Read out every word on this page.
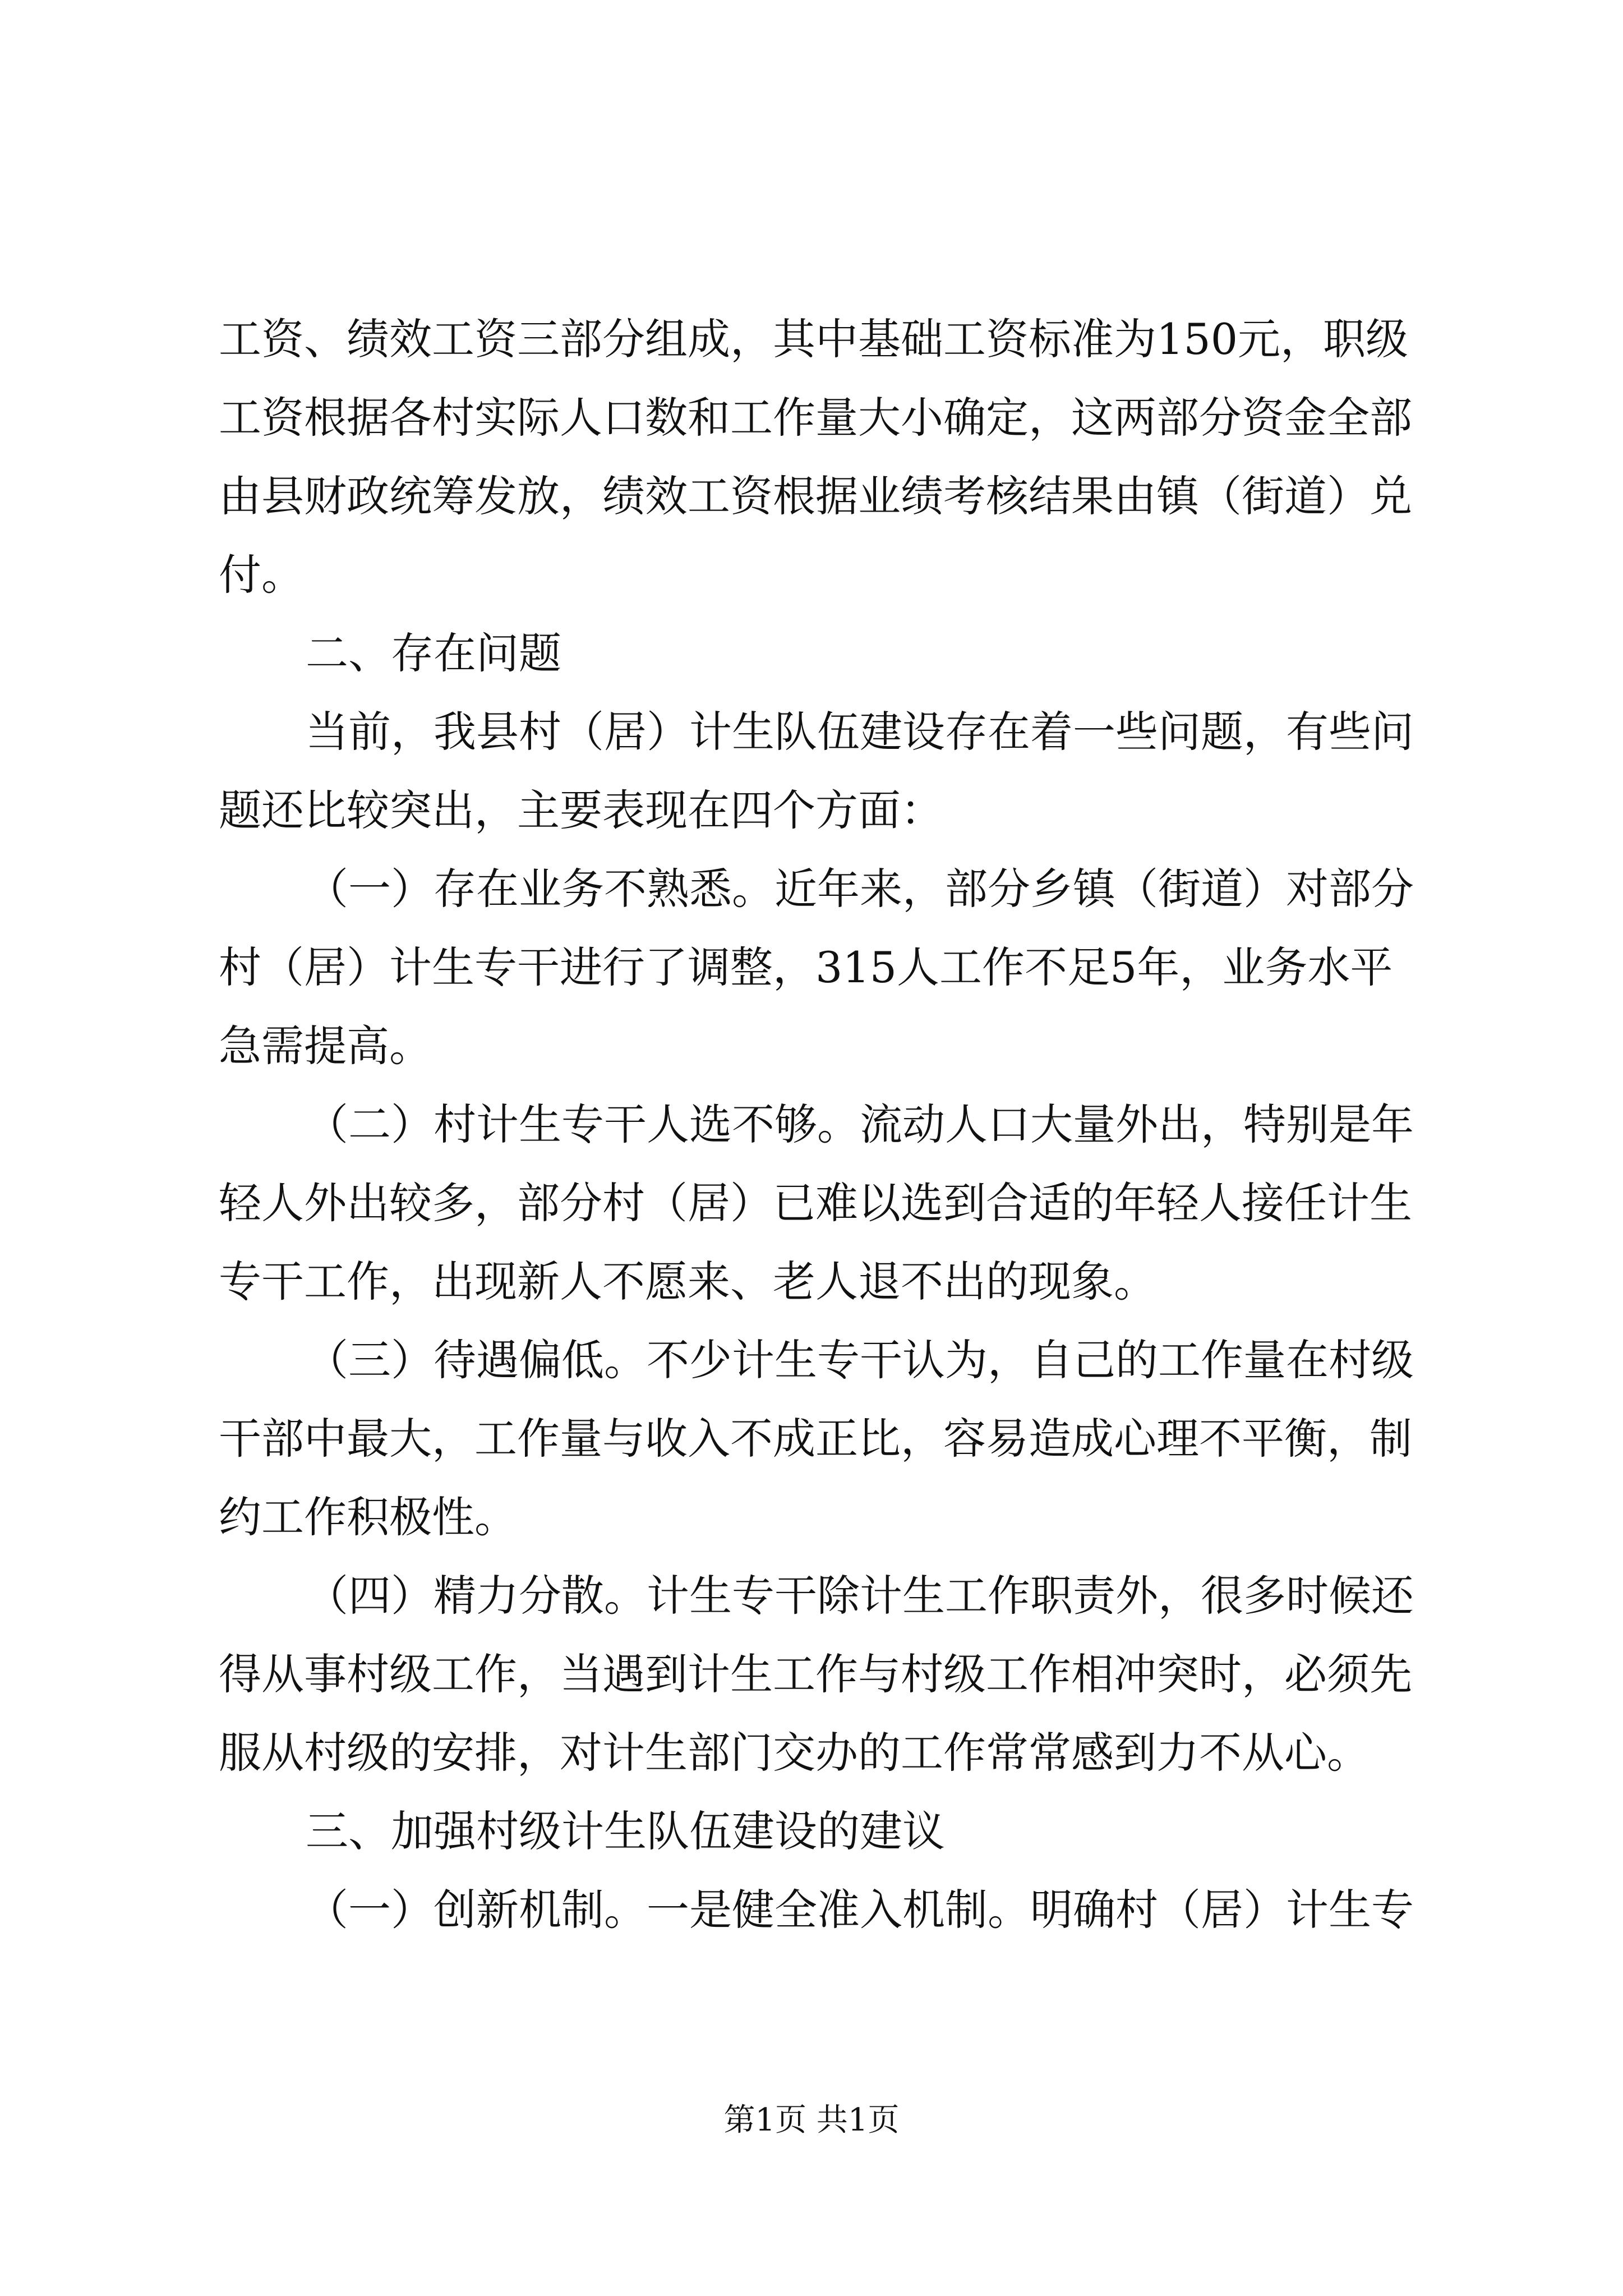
工资、绩效工资三部分组成，其中基础工资标准为150元，职级

工资根据各村实际人口数和工作量大小确定，这两部分资金全部

由县财政统筹发放，绩效工资根据业绩考核结果由镇（街道）兑

付。

二、存在问题

当前，我县村（居）计生队伍建设存在着一些问题，有些问

题还比较突出，主要表现在四个方面：

（一）存在业务不熟悉。近年来，部分乡镇（街道）对部分

村（居）计生专干进行了调整，315人工作不足5年，业务水平

急需提高。

（二）村计生专干人选不够。流动人口大量外出，特别是年

轻人外出较多，部分村（居）已难以选到合适的年轻人接任计生

专干工作，出现新人不愿来、老人退不出的现象。

（三）待遇偏低。不少计生专干认为，自己的工作量在村级

干部中最大，工作量与收入不成正比，容易造成心理不平衡，制

约工作积极性。

（四）精力分散。计生专干除计生工作职责外，很多时候还

得从事村级工作，当遇到计生工作与村级工作相冲突时，必须先

服从村级的安排，对计生部门交办的工作常常感到力不从心。

三、加强村级计生队伍建设的建议

（一）创新机制。一是健全准入机制。明确村（居）计生专

第1页 共1页
